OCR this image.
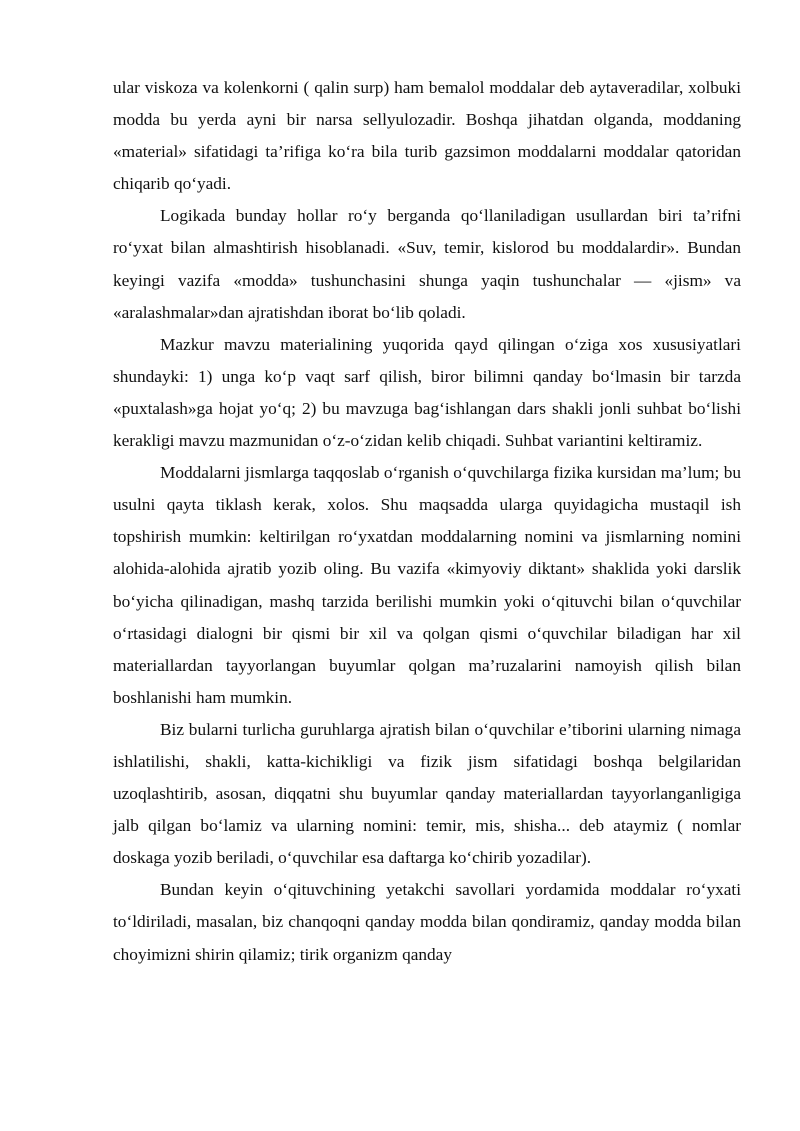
ular viskoza va kolenkorni ( qalin surp) ham bemalol moddalar deb aytaveradilar, xolbuki modda bu yerda ayni bir narsa sellyulozadir. Boshqa jihatdan olganda, moddaning «material» sifatidagi ta’rifiga ko‘ra bila turib gazsimon moddalarni moddalar qatoridan chiqarib qo‘yadi.

Logikada bunday hollar ro‘y berganda qo‘llaniladigan usullardan biri ta’rifni ro‘yxat bilan almashtirish hisoblanadi. «Suv, temir, kislorod bu moddalardir». Bundan keyingi vazifa «modda» tushunchasini shunga yaqin tushunchalar — «jism» va «aralashmalar»dan ajratishdan iborat bo‘lib qoladi.

Mazkur mavzu materialining yuqorida qayd qilingan o‘ziga xos xususiyatlari shundayki: 1) unga ko‘p vaqt sarf qilish, biror bilimni qanday bo‘lmasin bir tarzda «puxtalash»ga hojat yo‘q; 2) bu mavzuga bag‘ishlangan dars shakli jonli suhbat bo‘lishi kerakligi mavzu mazmunidan o‘z-o‘zidan kelib chiqadi. Suhbat variantini keltiramiz.

Moddalarni jismlarga taqqoslab o‘rganish o‘quvchilarga fizika kursidan ma’lum; bu usulni qayta tiklash kerak, xolos. Shu maqsadda ularga quyidagicha mustaqil ish topshirish mumkin: keltirilgan ro‘yxatdan moddalarning nomini va jismlarning nomini alohida-alohida ajratib yozib oling. Bu vazifa «kimyoviy diktant» shaklida yoki darslik bo‘yicha qilinadigan, mashq tarzida berilishi mumkin yoki o‘qituvchi bilan o‘quvchilar o‘rtasidagi dialogni bir qismi bir xil va qolgan qismi o‘quvchilar biladigan har xil materiallardan tayyorlangan buyumlar qolgan ma’ruzalarini namoyish qilish bilan boshlanishi ham mumkin.

Biz bularni turlicha guruhlarga ajratish bilan o‘quvchilar e’tiborini ularning nimaga ishlatilishi, shakli, katta-kichikligi va fizik jism sifatidagi boshqa belgilaridan uzoqlashtirib, asosan, diqqatni shu buyumlar qanday materiallardan tayyorlanganligiga jalb qilgan bo‘lamiz va ularning nomini: temir, mis, shisha... deb ataymiz ( nomlar doskaga yozib beriladi, o‘quvchilar esa daftarga ko‘chirib yozadilar).

Bundan keyin o‘qituvchining yetakchi savollari yordamida moddalar ro‘yxati to‘ldiriladi, masalan, biz chanqoqni qanday modda bilan qondiramiz, qanday modda bilan choyimizni shirin qilamiz; tirik organizm qanday
